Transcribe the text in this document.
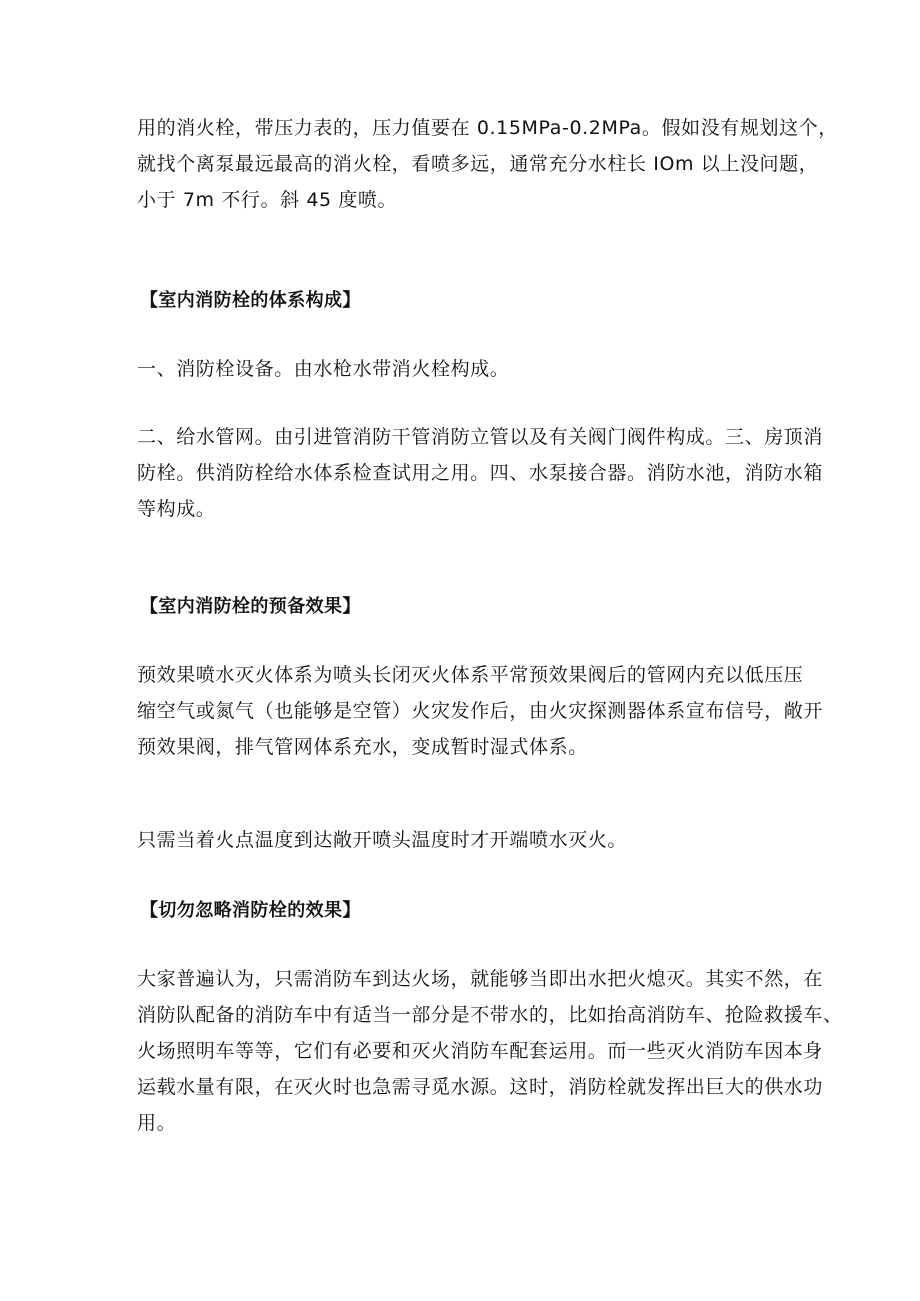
用的消火栓，带压力表的，压力值要在 0.15MPa-0.2MPa。假如没有规划这个，
就找个离泵最远最高的消火栓，看喷多远，通常充分水柱长 IOm 以上没问题，
小于 7m 不行。斜 45 度喷。
【室内消防栓的体系构成】
一、消防栓设备。由水枪水带消火栓构成。
二、给水管网。由引进管消防干管消防立管以及有关阀门阀件构成。三、房顶消
防栓。供消防栓给水体系检查试用之用。四、水泵接合器。消防水池，消防水箱
等构成。
【室内消防栓的预备效果】
预效果喷水灭火体系为喷头长闭灭火体系平常预效果阀后的管网内充以低压压
缩空气或氮气（也能够是空管）火灾发作后，由火灾探测器体系宣布信号，敞开
预效果阀，排气管网体系充水，变成暂时湿式体系。
只需当着火点温度到达敞开喷头温度时才开端喷水灭火。
【切勿忽略消防栓的效果】
大家普遍认为，只需消防车到达火场，就能够当即出水把火熄灭。其实不然，在
消防队配备的消防车中有适当一部分是不带水的，比如抬高消防车、抢险救援车、
火场照明车等等，它们有必要和灭火消防车配套运用。而一些灭火消防车因本身
运载水量有限，在灭火时也急需寻觅水源。这时，消防栓就发挥出巨大的供水功
用。
